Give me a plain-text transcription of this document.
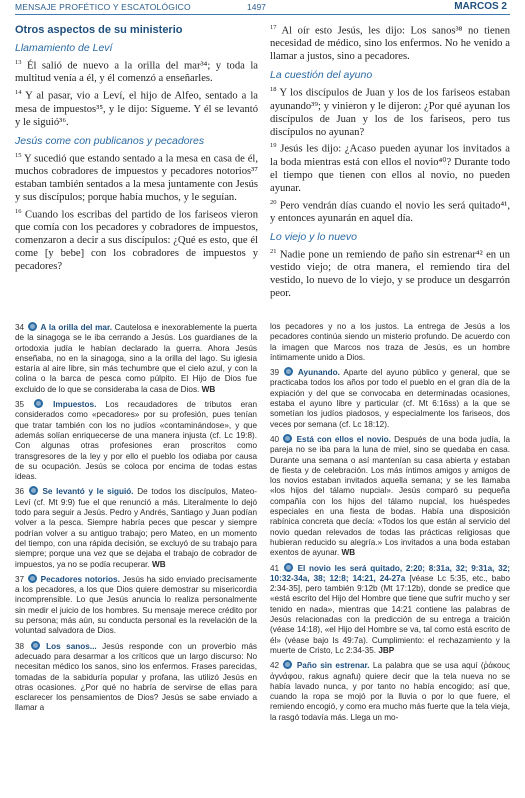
MENSAJE PROFÉTICO Y ESCATOLÓGICO	1497	MARCOS 2
Otros aspectos de su ministerio
Llamamiento de Leví

$^{13}$ Él salió de nuevo a la orilla del mar³⁴; y toda la multitud venía a él, y él comenzó a enseñarles.

$^{14}$ Y al pasar, vio a Leví, el hijo de Alfeo, sentado a la mesa de impuestos³⁵, y le dijo: Sígueme. Y él se levantó y le siguió³⁶.

Jesús come con publicanos y pecadores

$^{15}$ Y sucedió que estando sentado a la mesa en casa de él, muchos cobradores de impuestos y pecadores notorios³⁷ estaban también sentados a la mesa juntamente con Jesús y sus discípulos; porque había muchos, y le seguían.

$^{16}$ Cuando los escribas del partido de los fariseos vieron que comía con los pecadores y cobradores de impuestos, comenzaron a decir a sus discípulos: ¿Qué es esto, que él come [y bebe] con los cobradores de impuestos y pecadores?

$^{17}$ Al oír esto Jesús, les dijo: Los sanos³⁸ no tienen necesidad de médico, sino los enfermos. No he venido a llamar a justos, sino a pecadores.

La cuestión del ayuno

$^{18}$ Y los discípulos de Juan y los de los fariseos estaban ayunando³⁹; y vinieron y le dijeron: ¿Por qué ayunan los discípulos de Juan y los de los fariseos, pero tus discípulos no ayunan?

$^{19}$ Jesús les dijo: ¿Acaso pueden ayunar los invitados a la boda mientras está con ellos el novio⁴⁰? Durante todo el tiempo que tienen con ellos al novio, no pueden ayunar.

$^{20}$ Pero vendrán días cuando el novio les será quitado⁴¹, y entonces ayunarán en aquel día.

Lo viejo y lo nuevo

$^{21}$ Nadie pone un remiendo de paño sin estrenar⁴² en un vestido viejo; de otra manera, el remiendo tira del vestido, lo nuevo de lo viejo, y se produce un desgarrón peor.

34 A la orilla del mar. Cautelosa e inexorablemente la puerta de la sinagoga se le iba cerrando a Jesús. Los guardianes de la ortodoxia judía le habían declarado la guerra. Ahora Jesús enseñaba, no en la sinagoga, sino a la orilla del lago. Su iglesia estaría al aire libre, sin más techumbre que el cielo azul, y con la colina o la barca de pesca como púlpito. El Hijo de Dios fue excluido de lo que se consideraba la casa de Dios. WB

35	Impuestos. Los recaudadores de tributos eran considerados como «pecadores» por su profesión, pues tenían que tratar también con los no judíos «contaminándose», y que además solían enriquecerse de una manera injusta (cf. Lc 19:8). Con algunas otras profesiones eran proscritos como transgresores de la ley y por ello el pueblo los odiaba por causa de su ocupación. Jesús se coloca por encima de todas estas ideas.

36 Se levantó y le siguió. De todos los discípulos, Mateo-Leví (cf. Mt 9:9) fue el que renunció a más. Literalmente lo dejó todo para seguir a Jesús. Pedro y Andrés, Santiago y Juan podían volver a la pesca. Siempre habría peces que pescar y siempre podrían volver a su antiguo trabajo; pero Mateo, en un momento del tiempo, con una rápida decisión, se excluyó de su trabajo para siempre; porque una vez que se dejaba el trabajo de cobrador de impuestos, ya no se podía recuperar. WB

37 Pecadores notorios. Jesús ha sido enviado precisamente a los pecadores, a los que Dios quiere demostrar su misericordia incomprensible. Lo que Jesús anuncia lo realiza personalmente sin medir el juicio de los hombres. Su mensaje merece crédito por su persona; más aún, su conducta personal es la revelación de la voluntad salvadora de Dios.

38	Los sanos... Jesús responde con un proverbio más adecuado para desarmar a los críticos que un largo discurso: No necesitan médico los sanos, sino los enfermos. Frases parecidas, tomadas de la sabiduría popular y profana, las utilizó Jesús en otras ocasiones. ¿Por qué no habría de servirse de ellas para esclarecer los pensamientos de Dios? Jesús se sabe enviado a llamar a

los pecadores y no a los justos. La entrega de Jesús a los pecadores continúa siendo un misterio profundo. De acuerdo con la imagen que Marcos nos traza de Jesús, es un hombre íntimamente unido a Dios.

39 Ayunando. Aparte del ayuno público y general, que se practicaba todos los años por todo el pueblo en el gran día de la expiación y del que se convocaba en determinadas ocasiones, estaba el ayuno libre y particular (cf. Mt 6:16ss) a la que se sometían los judíos piadosos, y especialmente los fariseos, dos veces por semana (cf. Lc 18:12).

40 Está con ellos el novio. Después de una boda judía, la pareja no se iba para la luna de miel, sino se quedaba en casa. Durante una semana o así mantenían su casa abierta y estaban de fiesta y de celebración. Los más íntimos amigos y amigos de los novios estaban invitados aquella semana; y se les llamaba «los hijos del tálamo nupcial». Jesús comparó su pequeña compañía con los hijos del tálamo nupcial, los huéspedes especiales en una fiesta de bodas. Había una disposición rabínica concreta que decía: «Todos los que están al servicio del novio quedan relevados de todas las prácticas religiosas que hubieran reducido su alegría.» Los invitados a una boda estaban exentos de ayunar. WB

41 El novio les será quitado, 2:20; 8:31a, 32; 9:31a, 32; 10:32-34a, 38; 12:8; 14:21, 24-27a [véase Lc 5:35, etc., babo 2:34-35], pero también 9:12b (Mt 17:12b), donde se predice que «está escrito del Hijo del Hombre que tiene que sufrir mucho y ser tenido en nada», mientras que 14:21 contiene las palabras de Jesús relacionadas con la predicción de su entrega a traición (véase 14:18), «el Hijo del Hombre se va, tal como está escrito de él» (véase bajo Is 49:7a). Cumplimiento: el rechazamiento y la muerte de Cristo, Lc 2:34-35. JBP

42 Paño sin estrenar. La palabra que se usa aquí (ῥάκους ἀγνάφου, rakus agnafu) quiere decir que la tela nueva no se había lavado nunca, y por tanto no había encogido; así que, cuando la ropa se mojó por la lluvia o por lo que fuere, el remiendo encogió, y como era mucho más fuerte que la tela vieja, la rasgó todavía más. Llega un mo-
